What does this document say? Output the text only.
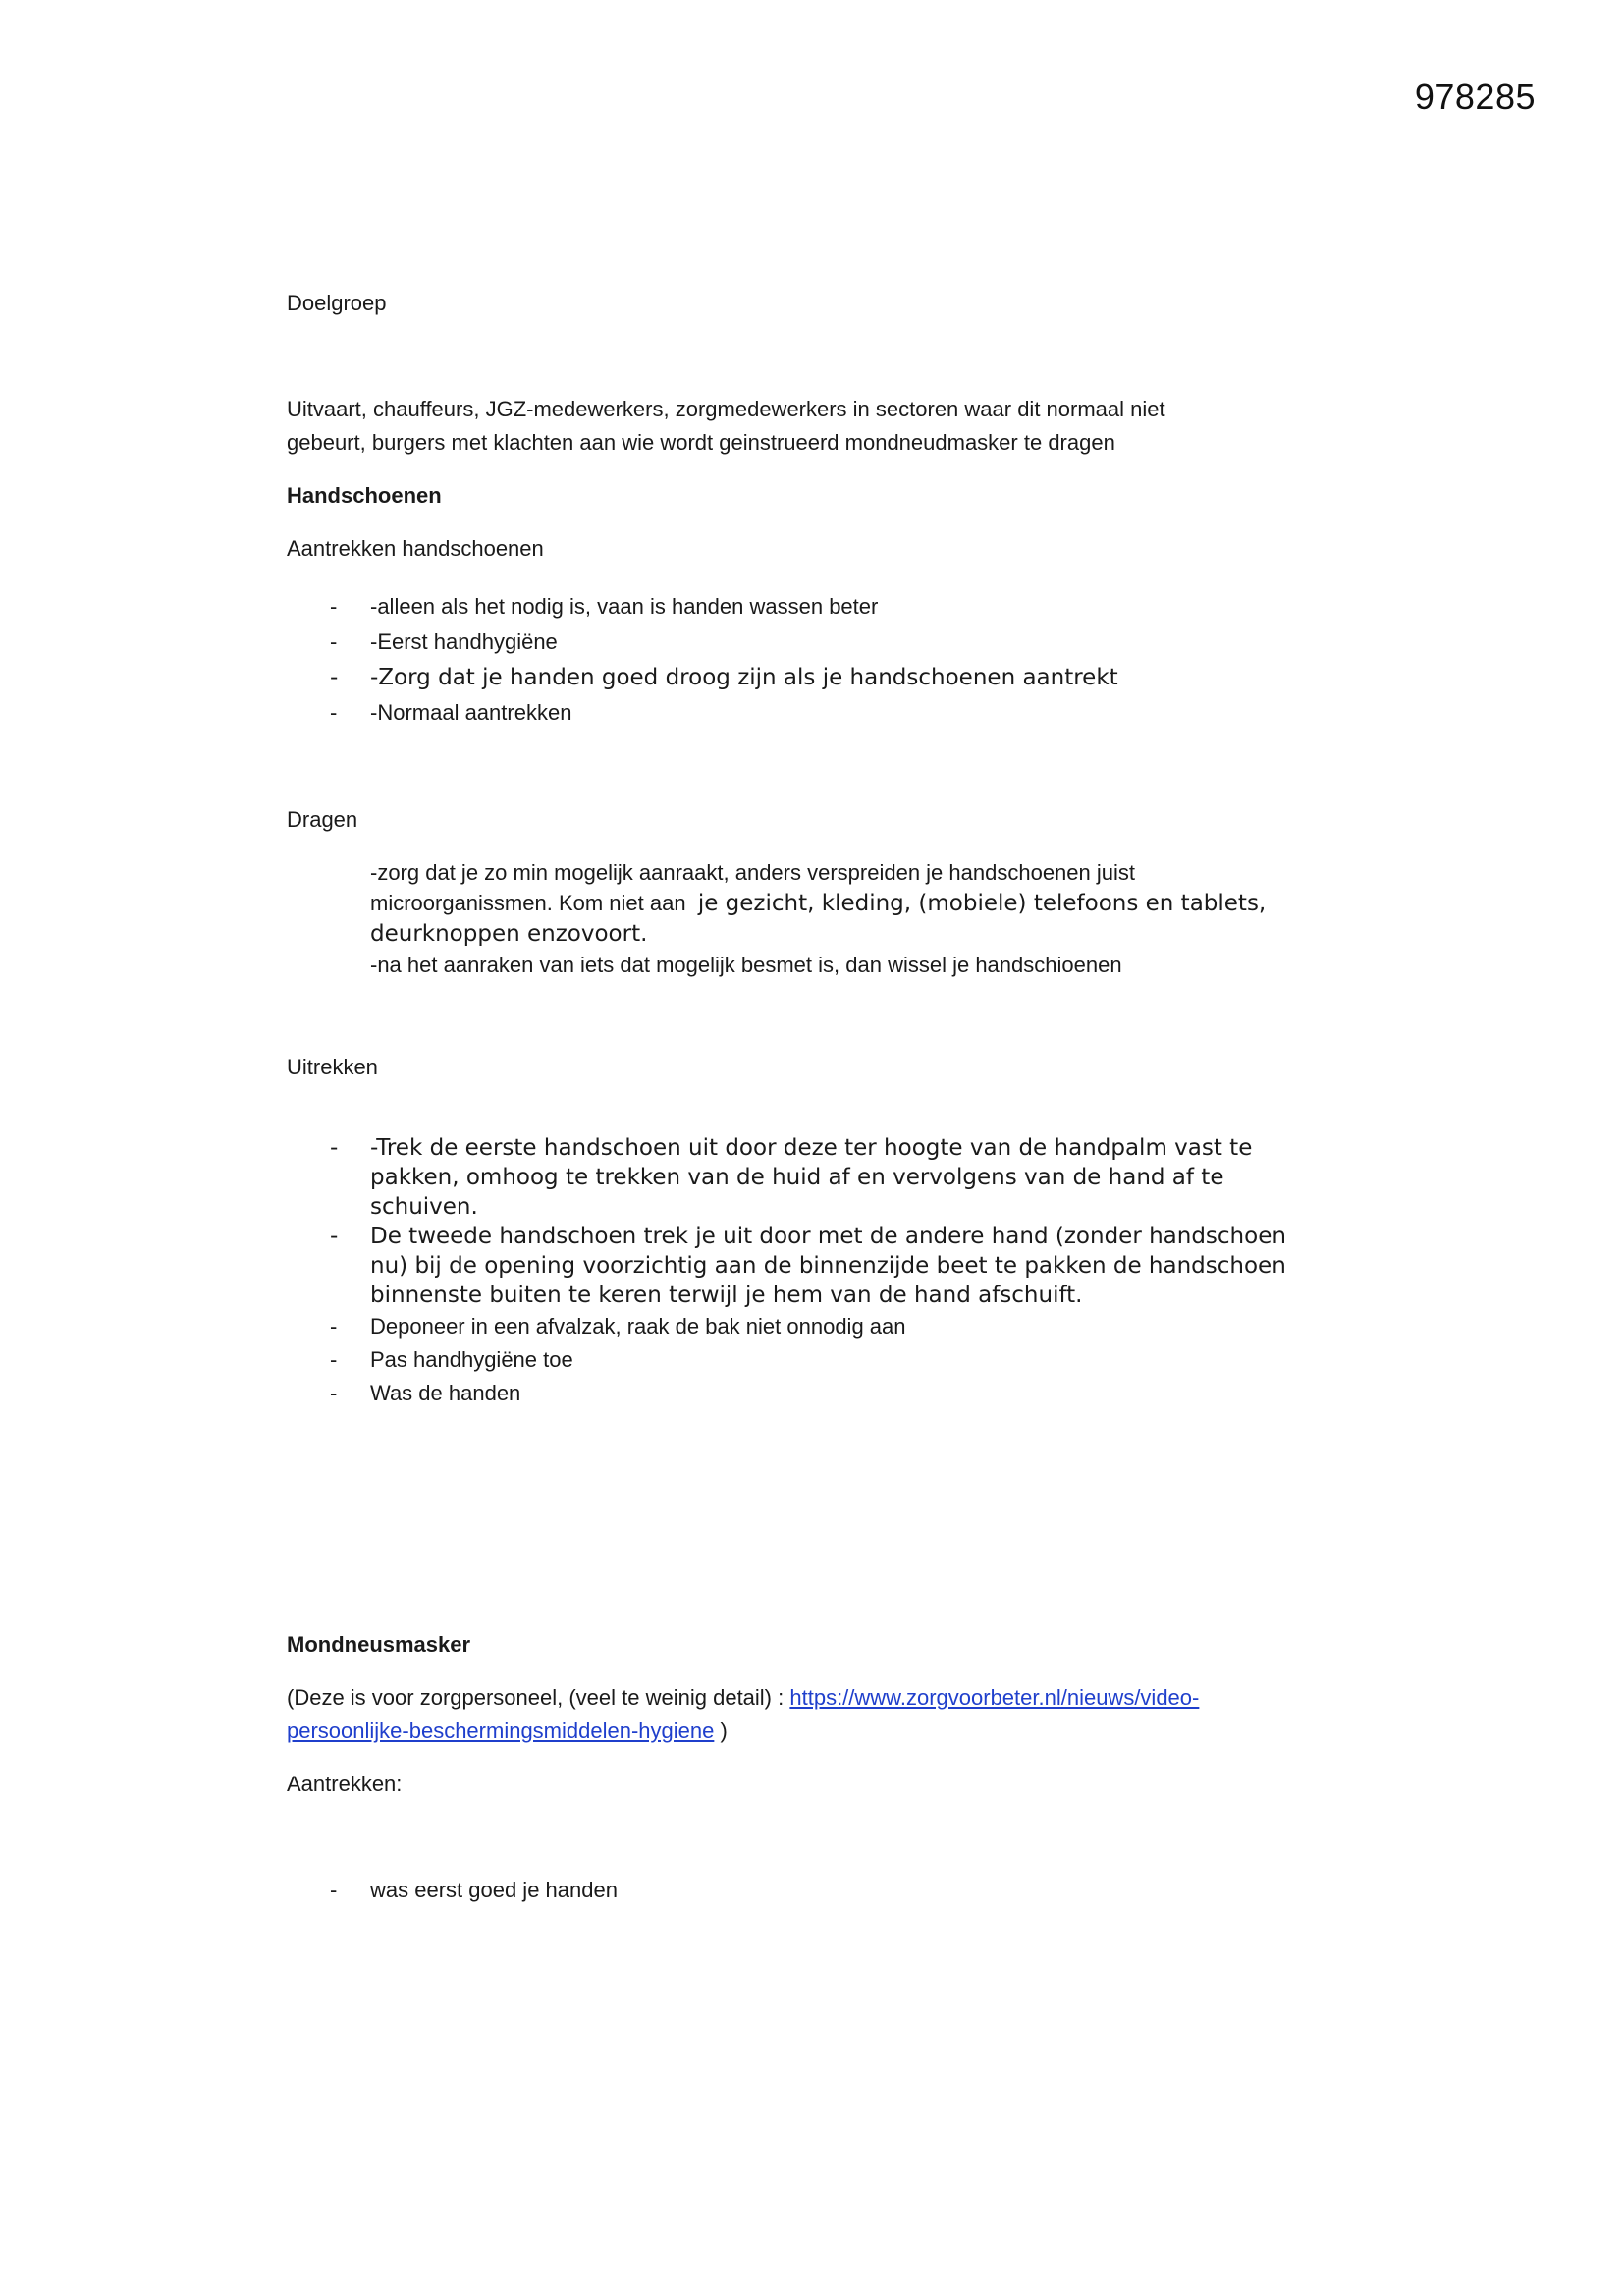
978285

Doelgroep

Uitvaart, chauffeurs, JGZ-medewerkers, zorgmedewerkers in sectoren waar dit normaal niet

gebeurt, burgers met klachten aan wie wordt geinstrueerd mondneudmasker te dragen

Handschoenen

Aantrekken handschoenen

- -alleen als het nodig is, vaan is handen wassen beter
- -Eerst handhygiëne
- -Zorg dat je handen goed droog zijn als je handschoenen aantrekt
- -Normaal aantrekken

Dragen

-zorg dat je zo min mogelijk aanraakt, anders verspreiden je handschoenen juist
microorganissmen. Kom niet aan je gezicht, kleding, (mobiele) telefoons en tablets,
deurknoppen enzovoort.
-na het aanraken van iets dat mogelijk besmet is, dan wissel je handschioenen

Uitrekken

- -Trek de eerste handschoen uit door deze ter hoogte van de handpalm vast te
pakken, omhoog te trekken van de huid af en vervolgens van de hand af te
schuiven.
- De tweede handschoen trek je uit door met de andere hand (zonder handschoen
nu) bij de opening voorzichtig aan de binnenzijde beet te pakken de handschoen
binnenste buiten te keren terwijl je hem van de hand afschuift.
- Deponeer in een afvalzak, raak de bak niet onnodig aan
- Pas handhygiëne toe
- Was de handen

Mondneusmasker

(Deze is voor zorgpersoneel, (veel te weinig detail) : https://www.zorgvoorbeter.nl/nieuws/video-

persoonlijke-beschermingsmiddelen-hygiene )

Aantrekken:

- was eerst goed je handen
